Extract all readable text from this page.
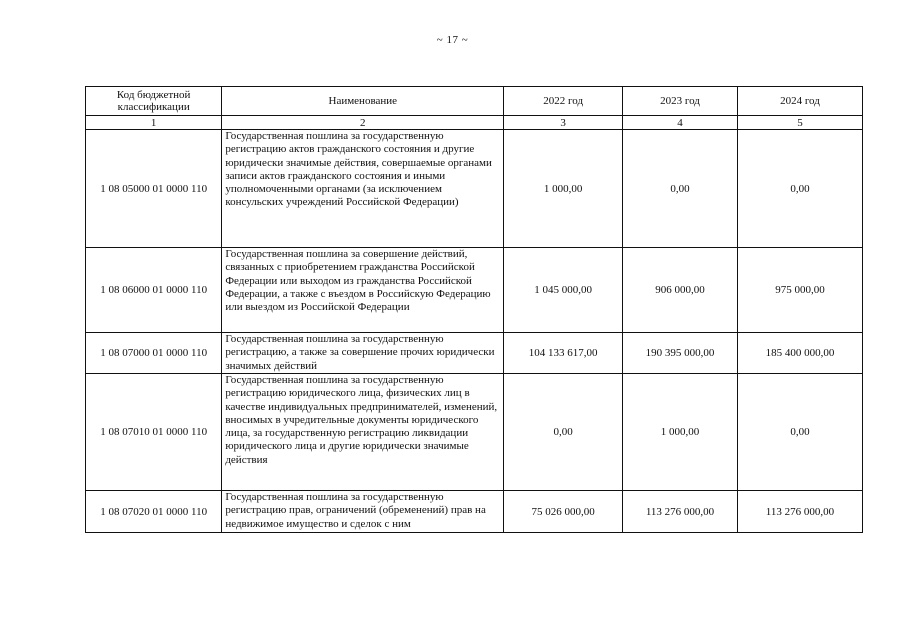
~ 17 ~
Код бюджетной классификации	Наименование	2022 год	2023 год	2024 год
1	2	3	4	5
1 08 05000 01 0000 110	Государственная пошлина за государственную регистрацию актов гражданского состояния и другие юридически значимые действия, совершаемые органами записи актов гражданского состояния и иными уполномоченными органами (за исключением консульских учреждений Российской Федерации)	1 000,00	0,00	0,00
1 08 06000 01 0000 110	Государственная пошлина за совершение действий, связанных с приобретением гражданства Российской Федерации или выходом из гражданства Российской Федерации, а также с въездом в Российскую Федерацию или выездом из Российской Федерации	1 045 000,00	906 000,00	975 000,00
1 08 07000 01 0000 110	Государственная пошлина за государственную регистрацию, а также за совершение прочих юридически значимых действий	104 133 617,00	190 395 000,00	185 400 000,00
1 08 07010 01 0000 110	Государственная пошлина за государственную регистрацию юридического лица, физических лиц в качестве индивидуальных предпринимателей, изменений, вносимых в учредительные документы юридического лица, за государственную регистрацию ликвидации юридического лица и другие юридически значимые действия	0,00	1 000,00	0,00
1 08 07020 01 0000 110	Государственная пошлина за государственную регистрацию прав, ограничений (обременений) прав на недвижимое имущество и сделок с ним	75 026 000,00	113 276 000,00	113 276 000,00
